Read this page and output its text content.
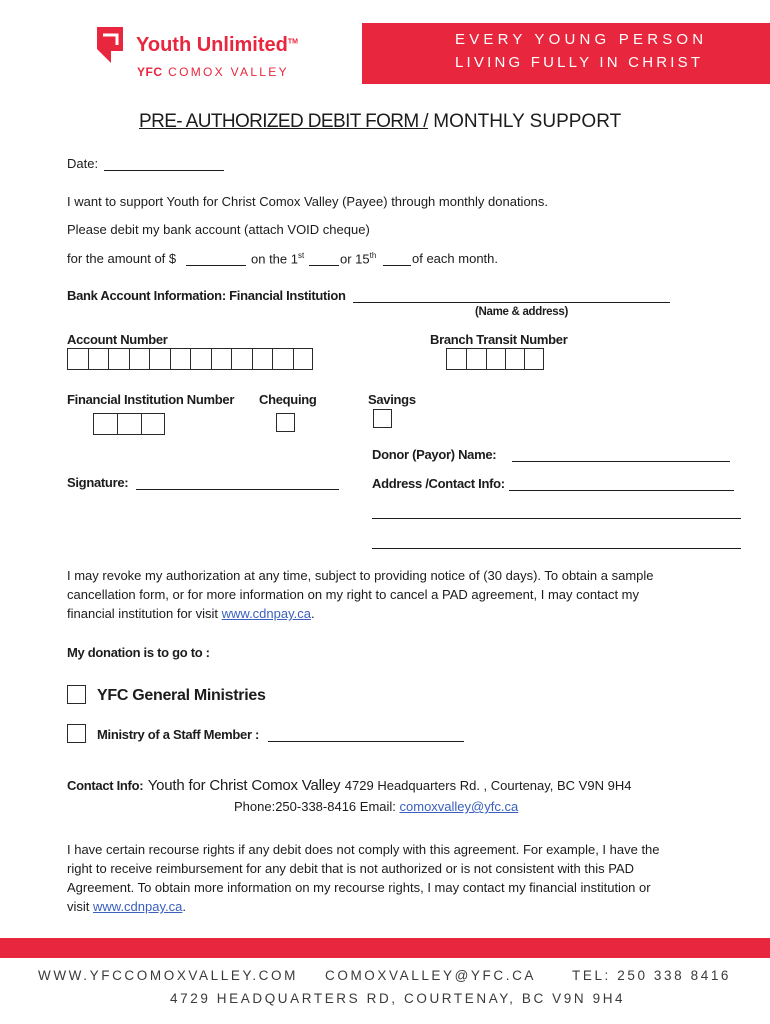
Youth Unlimited™
YFC COMOX VALLEY
EVERY YOUNG PERSON
LIVING FULLY IN CHRIST
PRE- AUTHORIZED DEBIT FORM / MONTHLY SUPPORT
Date:
I want to support Youth for Christ Comox Valley (Payee) through monthly donations.
Please debit my bank account (attach VOID cheque)
for the amount of $	on the 1st	or 15th	of each month.
Bank Account Information: Financial Institution
(Name & address)
Account Number	Branch Transit Number
Financial Institution Number Chequing	Savings
Donor (Payor) Name:
Signature:	Address /Contact Info:
I may revoke my authorization at any time, subject to providing notice of (30 days). To obtain a sample
cancellation form, or for more information on my right to cancel a PAD agreement, I may contact my
financial institution for visit www.cdnpay.ca.
My donation is to go to :
YFC General Ministries
Ministry of a Staff Member :
Contact Info: Youth for Christ Comox Valley 4729 Headquarters Rd. , Courtenay, BC V9N 9H4
Phone:250-338-8416 Email: comoxvalley@yfc.ca
I have certain recourse rights if any debit does not comply with this agreement. For example, I have the
right to receive reimbursement for any debit that is not authorized or is not consistent with this PAD
Agreement. To obtain more information on my recourse rights, I may contact my financial institution or
visit www.cdnpay.ca.
WWW.YFCCOMOXVALLEY.COM COMOXVALLEY@YFC.CA	TEL: 250 338 8416
4729 HEADQUARTERS RD, COURTENAY, BC V9N 9H4
